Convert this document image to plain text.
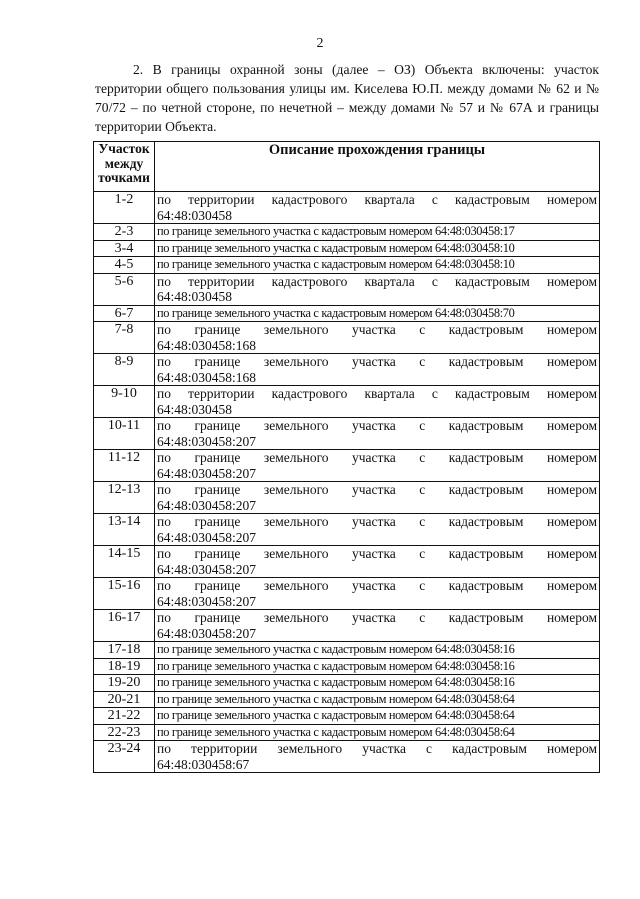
2

2. В границы охранной зоны (далее – ОЗ) Объекта включены: участок территории общего пользования улицы им. Киселева Ю.П. между домами № 62 и № 70/72 – по четной стороне, по нечетной – между домами № 57 и № 67А и границы территории Объекта.

Участок между точками	Описание прохождения границы
1-2	по территории кадастрового квартала с кадастровым номером
64:48:030458

2-3	по границе земельного участка с кадастровым номером 64:48:030458:17
3-4	по границе земельного участка с кадастровым номером 64:48:030458:10
4-5	по границе земельного участка с кадастровым номером 64:48:030458:10
5-6	по территории кадастрового квартала с кадастровым номером
64:48:030458

6-7	по границе земельного участка с кадастровым номером 64:48:030458:70
7-8	по границе земельного участка с кадастровым номером
64:48:030458:168

8-9	по границе земельного участка с кадастровым номером
64:48:030458:168

9-10	по территории кадастрового квартала с кадастровым номером
64:48:030458

10-11	по границе земельного участка с кадастровым номером
64:48:030458:207

11-12	по границе земельного участка с кадастровым номером
64:48:030458:207

12-13	по границе земельного участка с кадастровым номером
64:48:030458:207

13-14	по границе земельного участка с кадастровым номером
64:48:030458:207

14-15	по границе земельного участка с кадастровым номером
64:48:030458:207

15-16	по границе земельного участка с кадастровым номером
64:48:030458:207

16-17	по границе земельного участка с кадастровым номером
64:48:030458:207

17-18	по границе земельного участка с кадастровым номером 64:48:030458:16
18-19	по границе земельного участка с кадастровым номером 64:48:030458:16
19-20	по границе земельного участка с кадастровым номером 64:48:030458:16
20-21	по границе земельного участка с кадастровым номером 64:48:030458:64
21-22	по границе земельного участка с кадастровым номером 64:48:030458:64
22-23	по границе земельного участка с кадастровым номером 64:48:030458:64
23-24	по территории земельного участка с кадастровым номером
64:48:030458:67
